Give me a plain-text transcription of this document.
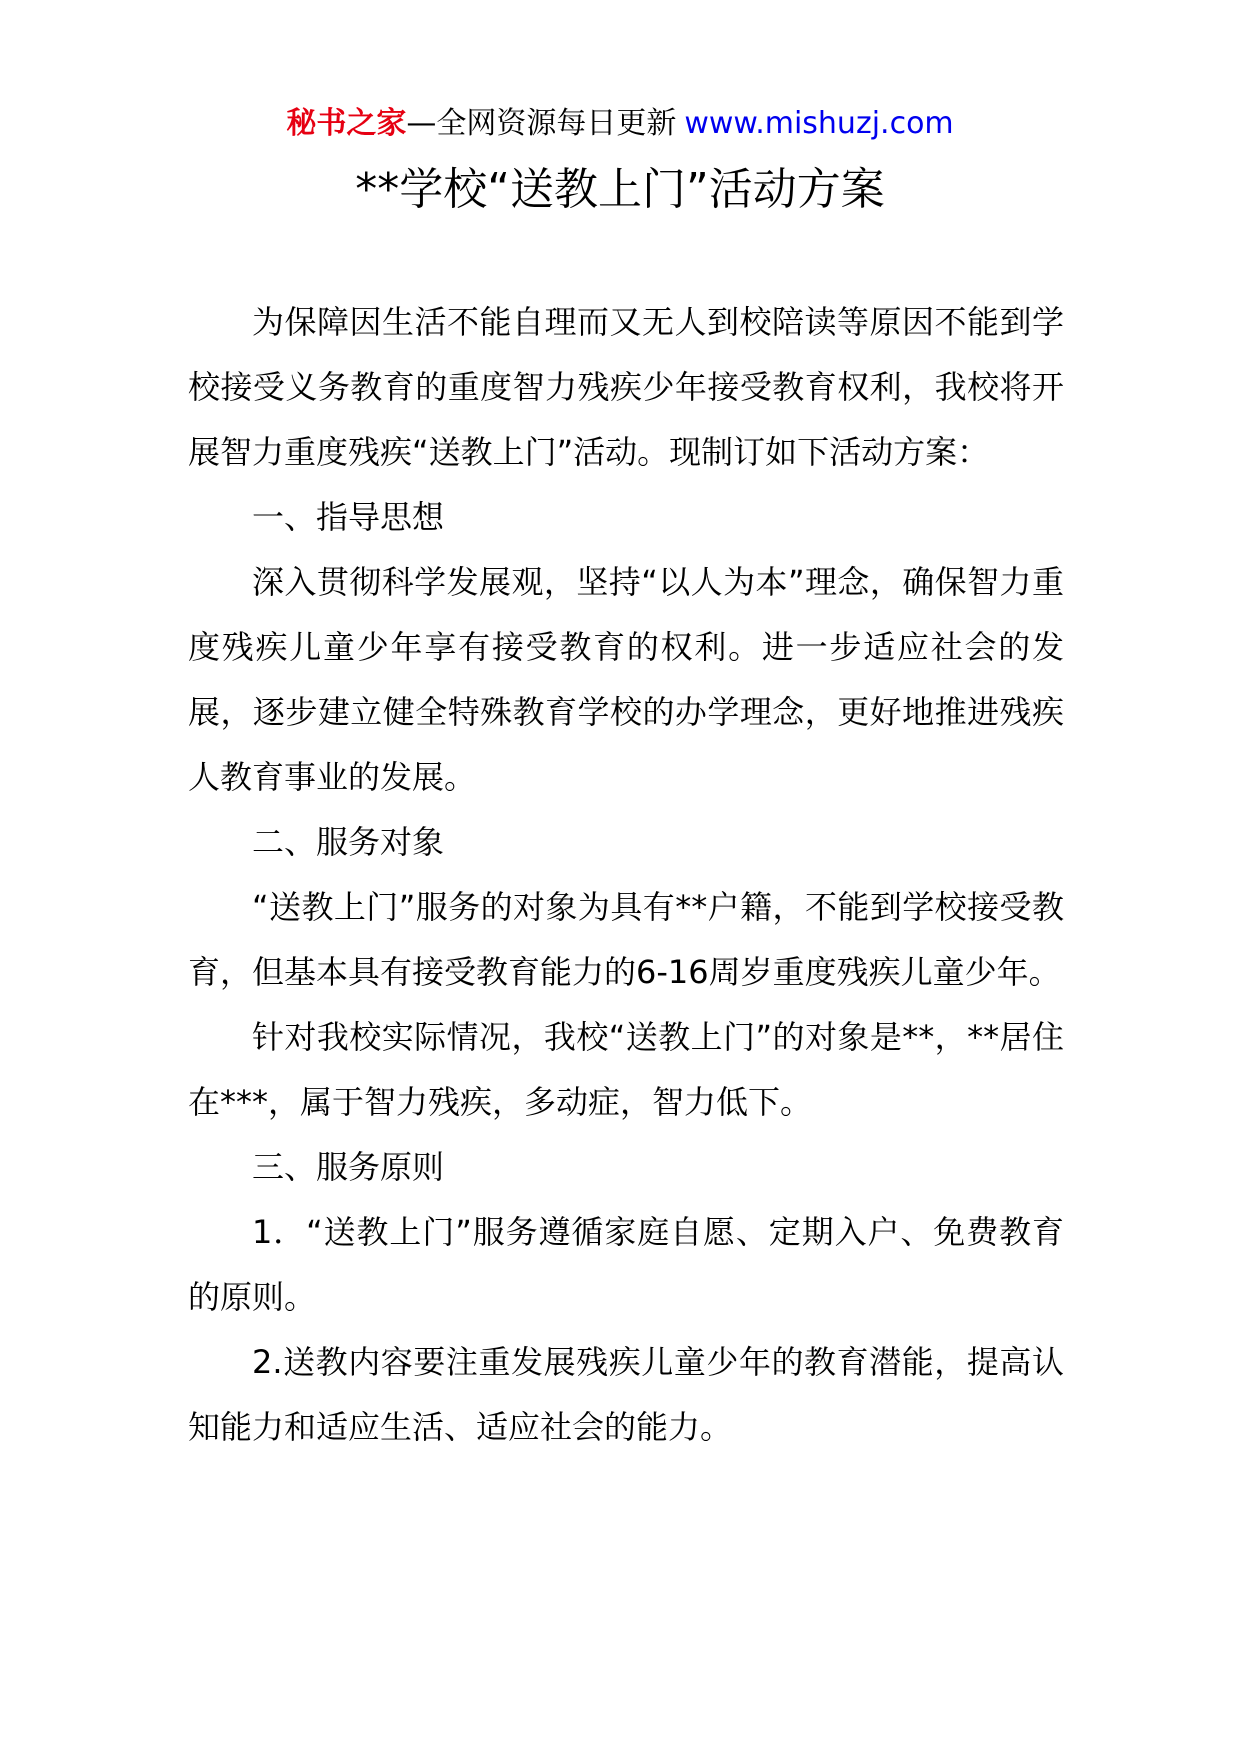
秘书之家—全网资源每日更新 www.mishuzj.com
**学校“送教上门”活动方案

为保障因生活不能自理而又无人到校陪读等原因不能到学校接受义务教育的重度智力残疾少年接受教育权利，我校将开展智力重度残疾“送教上门”活动。现制订如下活动方案：

一、指导思想

深入贯彻科学发展观，坚持“以人为本”理念，确保智力重度残疾儿童少年享有接受教育的权利。进一步适应社会的发展，逐步建立健全特殊教育学校的办学理念，更好地推进残疾人教育事业的发展。

二、服务对象

“送教上门”服务的对象为具有**户籍，不能到学校接受教育，但基本具有接受教育能力的6-16周岁重度残疾儿童少年。

针对我校实际情况，我校“送教上门”的对象是**，**居住在***，属于智力残疾，多动症，智力低下。

三、服务原则

1．“送教上门”服务遵循家庭自愿、定期入户、免费教育的原则。

2.送教内容要注重发展残疾儿童少年的教育潜能，提高认知能力和适应生活、适应社会的能力。
